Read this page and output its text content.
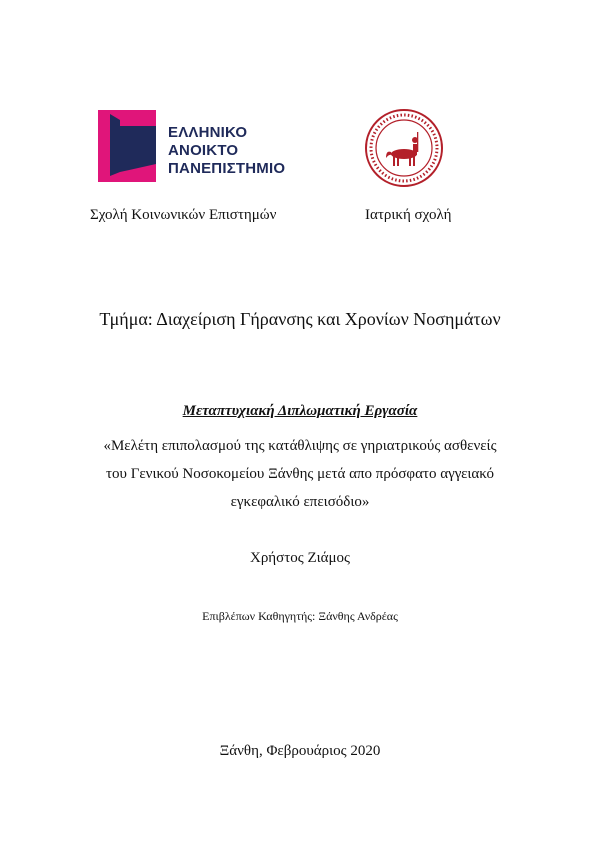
ΕΛΛΗΝΙΚΟ
ΑΝΟΙΚΤΟ
ΠΑΝΕΠΙΣΤΗΜΙΟ
Σχολή Κοινωνικών Επιστημών	Ιατρική σχολή
Τμήμα: Διαχείριση Γήρανσης και Χρονίων Νοσημάτων
Μεταπτυχιακή Διπλωματική Εργασία
«Μελέτη επιπολασμού της κατάθλιψης σε γηριατρικούς ασθενείς
του Γενικού Νοσοκομείου Ξάνθης μετά απο πρόσφατο αγγειακό
εγκεφαλικό επεισόδιο»
Χρήστος Ζιάμος
Επιβλέπων Καθηγητής: Ξάνθης Ανδρέας
Ξάνθη, Φεβρουάριος 2020
